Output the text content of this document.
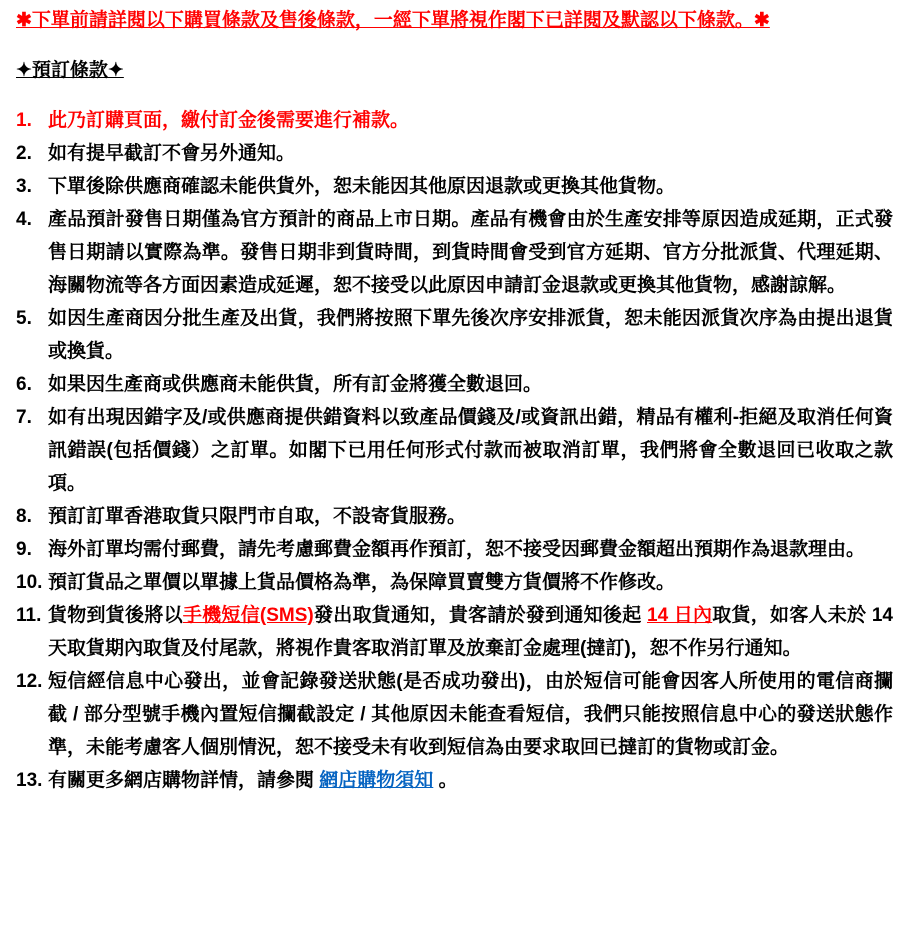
✱下單前請詳閱以下購買條款及售後條款，一經下單將視作閣下已詳閱及默認以下條款。✱
✦預訂條款✦
1. 此乃訂購頁面，繳付訂金後需要進行補款。
2. 如有提早截訂不會另外通知。
3. 下單後除供應商確認未能供貨外，恕未能因其他原因退款或更換其他貨物。
4. 產品預計發售日期僅為官方預計的商品上市日期。產品有機會由於生產安排等原因造成延期，正式發售日期請以實際為準。發售日期非到貨時間，到貨時間會受到官方延期、官方分批派貨、代理延期、海關物流等各方面因素造成延遲，恕不接受以此原因申請訂金退款或更換其他貨物，感謝諒解。
5. 如因生產商因分批生產及出貨，我們將按照下單先後次序安排派貨，恕未能因派貨次序為由提出退貨或換貨。
6. 如果因生產商或供應商未能供貨，所有訂金將獲全數退回。
7. 如有出現因錯字及/或供應商提供錯資料以致產品價錢及/或資訊出錯，精品有權利-拒絕及取消任何資訊錯誤(包括價錢）之訂單。如閣下已用任何形式付款而被取消訂單，我們將會全數退回已收取之款項。
8. 預訂訂單香港取貨只限門市自取，不設寄貨服務。
9. 海外訂單均需付郵費，請先考慮郵費金額再作預訂，恕不接受因郵費金額超出預期作為退款理由。
10. 預訂貨品之單價以單據上貨品價格為準，為保障買賣雙方貨價將不作修改。
11. 貨物到貨後將以手機短信(SMS)發出取貨通知，貴客請於發到通知後起 14 日內取貨，如客人未於 14 天取貨期內取貨及付尾款，將視作貴客取消訂單及放棄訂金處理(撻訂)，恕不作另行通知。
12. 短信經信息中心發出，並會記錄發送狀態(是否成功發出)，由於短信可能會因客人所使用的電信商攔截 / 部分型號手機內置短信攔截設定 / 其他原因未能查看短信，我們只能按照信息中心的發送狀態作準，未能考慮客人個別情況，恕不接受未有收到短信為由要求取回已撻訂的貨物或訂金。
13. 有關更多網店購物詳情，請參閱 網店購物須知 。
